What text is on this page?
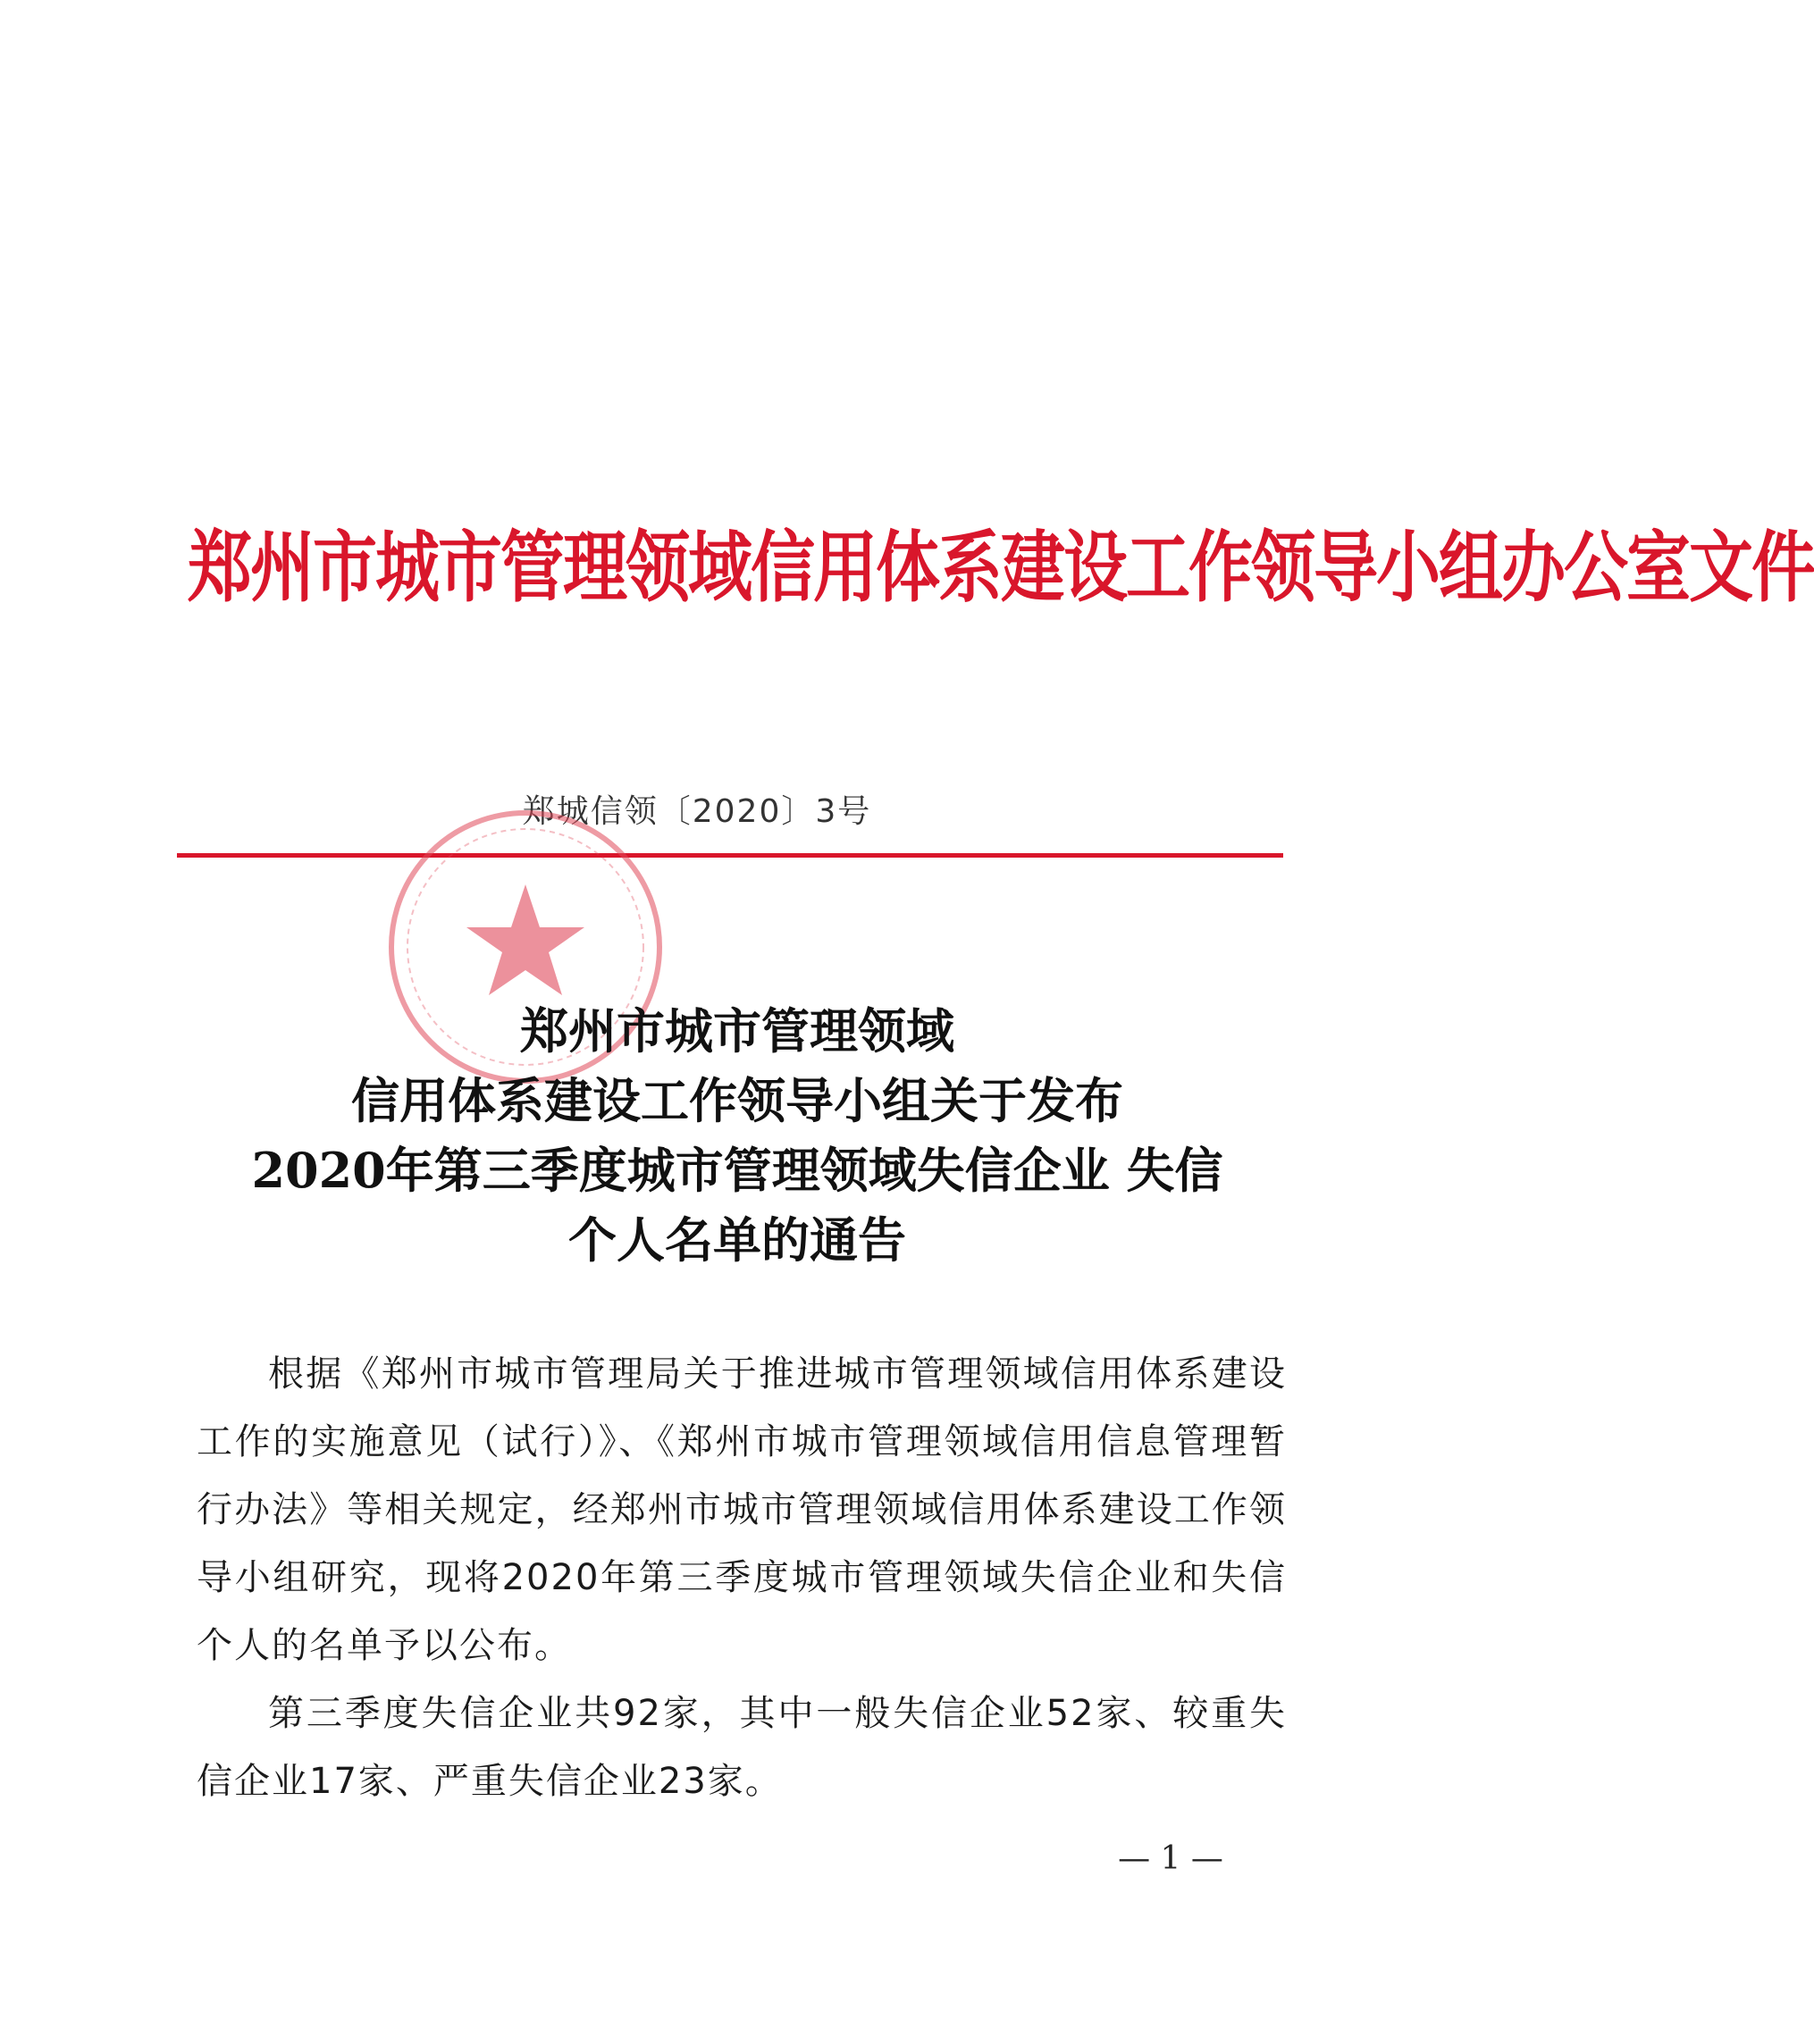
郑州市城市管理领域信用体系建设工作领导小组办公室文件
郑城信领〔2020〕3号
郑州市城市管理领域
信用体系建设工作领导小组关于发布
2020年第三季度城市管理领域失信企业 失信
个人名单的通告

根据《郑州市城市管理局关于推进城市管理领域信用体系建设工作的实施意见（试行）》、《郑州市城市管理领域信用信息管理暂行办法》等相关规定，经郑州市城市管理领域信用体系建设工作领导小组研究，现将2020年第三季度城市管理领域失信企业和失信个人的名单予以公布。

第三季度失信企业共92家，其中一般失信企业52家、较重失信企业17家、严重失信企业23家。

— 1 —
